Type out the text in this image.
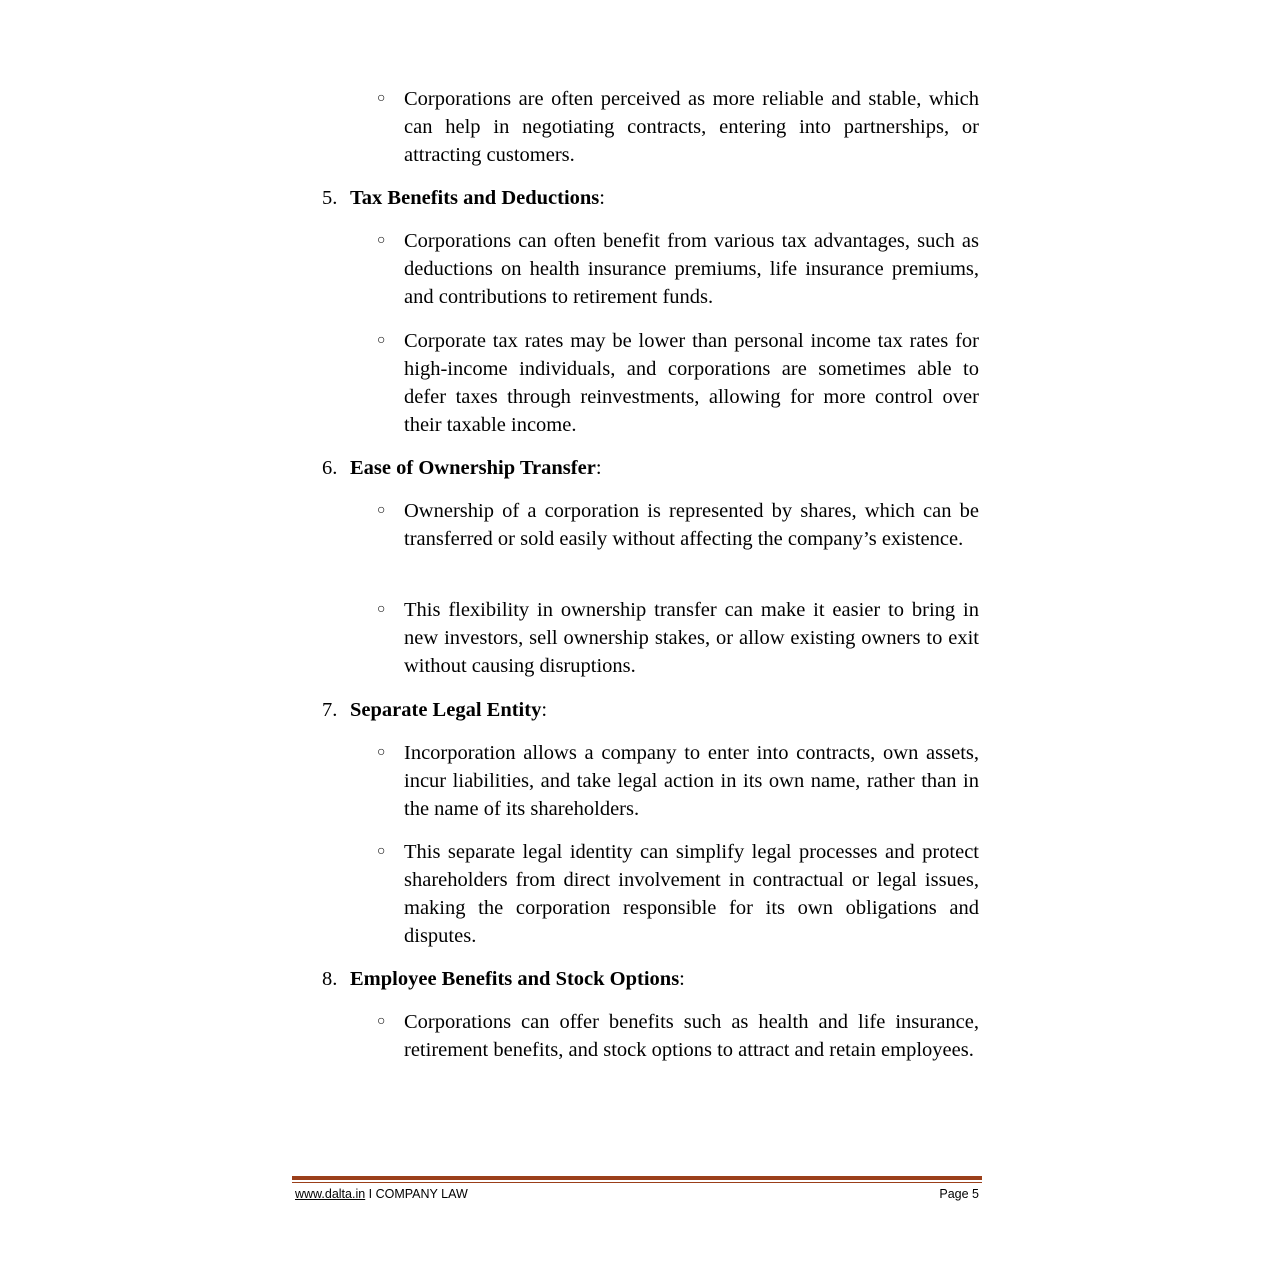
○ Corporations are often perceived as more reliable and stable, which can help in negotiating contracts, entering into partnerships, or attracting customers.
5. Tax Benefits and Deductions:
○ Corporations can often benefit from various tax advantages, such as deductions on health insurance premiums, life insurance premiums, and contributions to retirement funds.
○ Corporate tax rates may be lower than personal income tax rates for high-income individuals, and corporations are sometimes able to defer taxes through reinvestments, allowing for more control over their taxable income.
6. Ease of Ownership Transfer:
○ Ownership of a corporation is represented by shares, which can be transferred or sold easily without affecting the company’s existence.
○ This flexibility in ownership transfer can make it easier to bring in new investors, sell ownership stakes, or allow existing owners to exit without causing disruptions.
7. Separate Legal Entity:
○ Incorporation allows a company to enter into contracts, own assets, incur liabilities, and take legal action in its own name, rather than in the name of its shareholders.
○ This separate legal identity can simplify legal processes and protect shareholders from direct involvement in contractual or legal issues, making the corporation responsible for its own obligations and disputes.
8. Employee Benefits and Stock Options:
○ Corporations can offer benefits such as health and life insurance, retirement benefits, and stock options to attract and retain employees.
www.dalta.in I COMPANY LAW	Page 5
